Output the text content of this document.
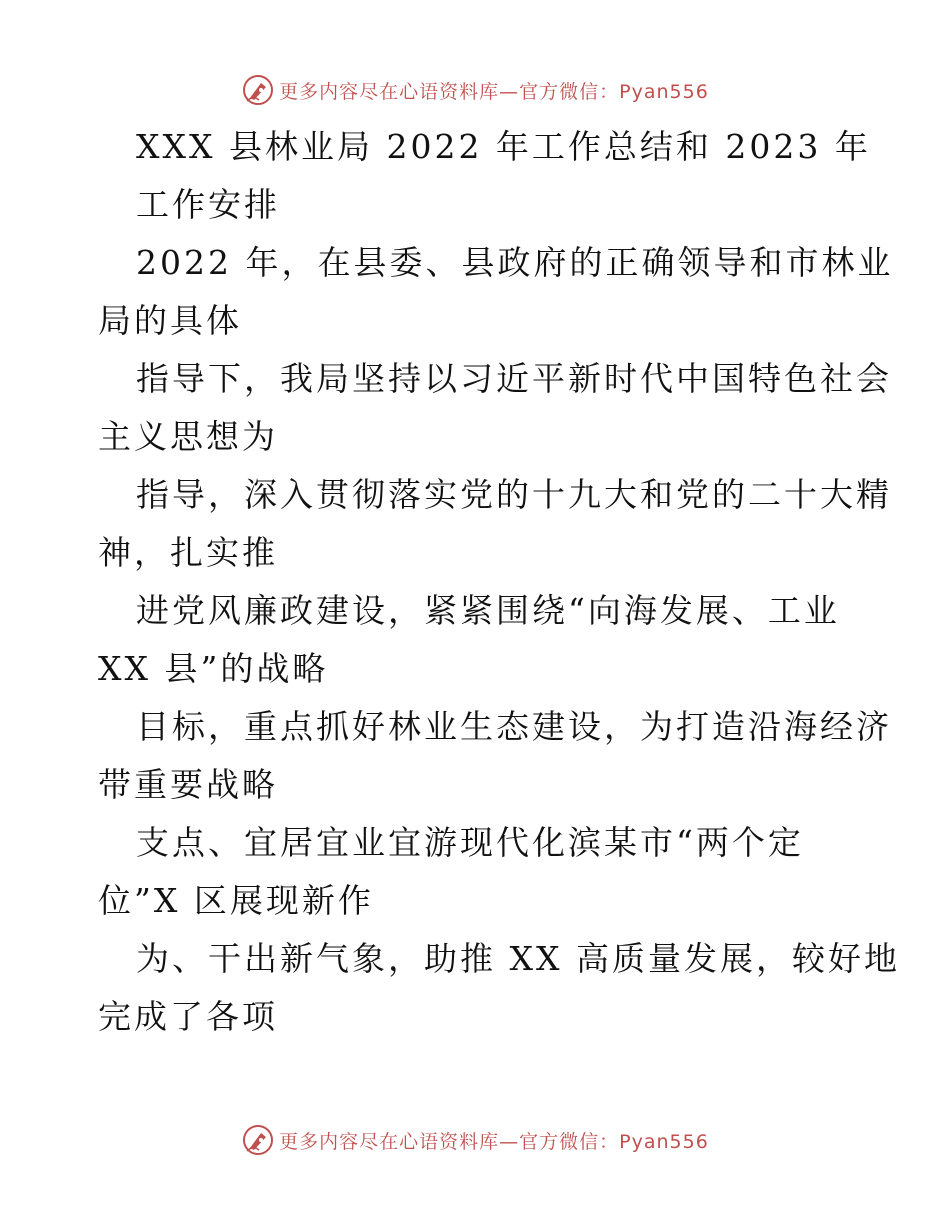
更多内容尽在心语资料库—官方微信：Pyan556
XXX 县林业局 2022 年工作总结和 2023 年
工作安排
2022 年，在县委、县政府的正确领导和市林业
局的具体
指导下，我局坚持以习近平新时代中国特色社会
主义思想为
指导，深入贯彻落实党的十九大和党的二十大精
神，扎实推
进党风廉政建设，紧紧围绕“向海发展、工业
XX 县”的战略
目标，重点抓好林业生态建设，为打造沿海经济
带重要战略
支点、宜居宜业宜游现代化滨某市“两个定
位”X 区展现新作
为、干出新气象，助推 XX 高质量发展，较好地
完成了各项
更多内容尽在心语资料库—官方微信：Pyan556
